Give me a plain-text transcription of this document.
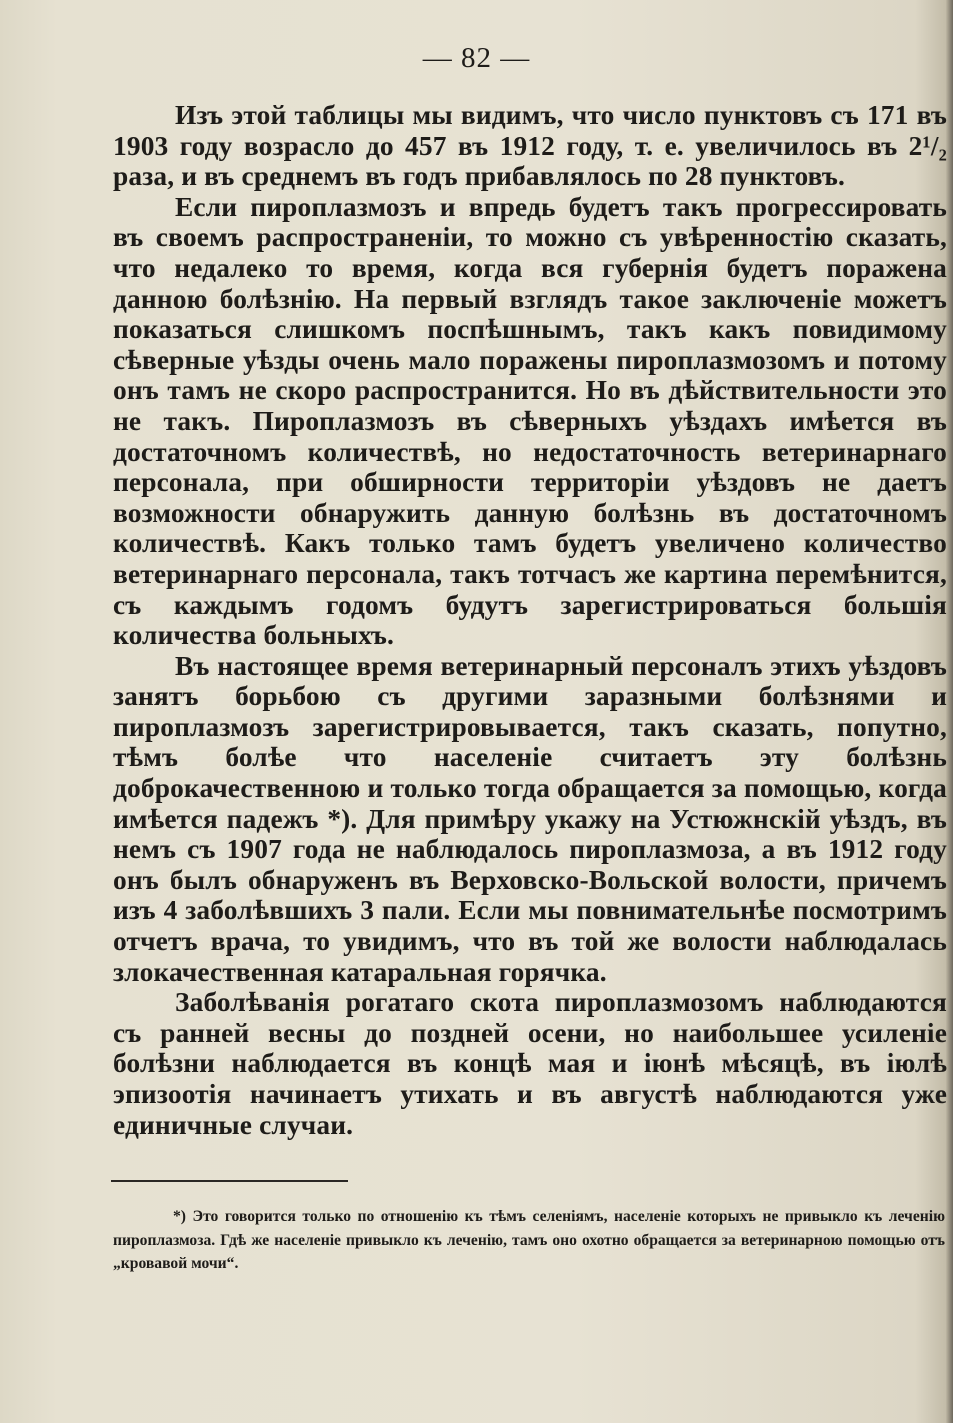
— 82 —

Изъ этой таблицы мы видимъ, что число пунктовъ съ 171 въ 1903 году возрасло до 457 въ 1912 году, т. е. увеличилось въ 2¹/₂ раза, и въ среднемъ въ годъ прибавлялось по 28 пунктовъ.

Если пироплазмозъ и впредь будетъ такъ прогрессировать въ своемъ распространеніи, то можно съ увѣренностію сказать, что недалеко то время, когда вся губернія будетъ поражена данною болѣзнію. На первый взглядъ такое заключеніе можетъ показаться слишкомъ поспѣшнымъ, такъ какъ повидимому сѣверные уѣзды очень мало поражены пироплазмозомъ и потому онъ тамъ не скоро распространится. Но въ дѣйствительности это не такъ. Пироплазмозъ въ сѣверныхъ уѣздахъ имѣется въ достаточномъ количествѣ, но недостаточность ветеринарнаго персонала, при обширности территоріи уѣздовъ не даетъ возможности обнаружить данную болѣзнь въ достаточномъ количествѣ. Какъ только тамъ будетъ увеличено количество ветеринарнаго персонала, такъ тотчасъ же картина перемѣнится, съ каждымъ годомъ будутъ зарегистрироваться большія количества больныхъ.

Въ настоящее время ветеринарный персоналъ этихъ уѣздовъ занятъ борьбою съ другими заразными болѣзнями и пироплазмозъ зарегистрировывается, такъ сказать, попутно, тѣмъ болѣе что населеніе считаетъ эту болѣзнь доброкачественною и только тогда обращается за помощью, когда имѣется падежъ *). Для примѣру укажу на Устюжнскій уѣздъ, въ немъ съ 1907 года не наблюдалось пироплазмоза, а въ 1912 году онъ былъ обнаруженъ въ Верховско-Вольской волости, причемъ изъ 4 заболѣвшихъ 3 пали. Если мы повнимательнѣе посмотримъ отчетъ врача, то увидимъ, что въ той же волости наблюдалась злокачественная катаральная горячка.

Заболѣванія рогатаго скота пироплазмозомъ наблюдаются съ ранней весны до поздней осени, но наибольшее усиленіе болѣзни наблюдается въ концѣ мая и іюнѣ мѣсяцѣ, въ іюлѣ эпизоотія начинаетъ утихать и въ августѣ наблюдаются уже единичные случаи.

*) Это говорится только по отношенію къ тѣмъ селеніямъ, населеніе которыхъ не привыкло къ леченію пироплазмоза. Гдѣ же населеніе привыкло къ леченію, тамъ оно охотно обращается за ветеринарною помощью отъ „кровавой мочи“.
